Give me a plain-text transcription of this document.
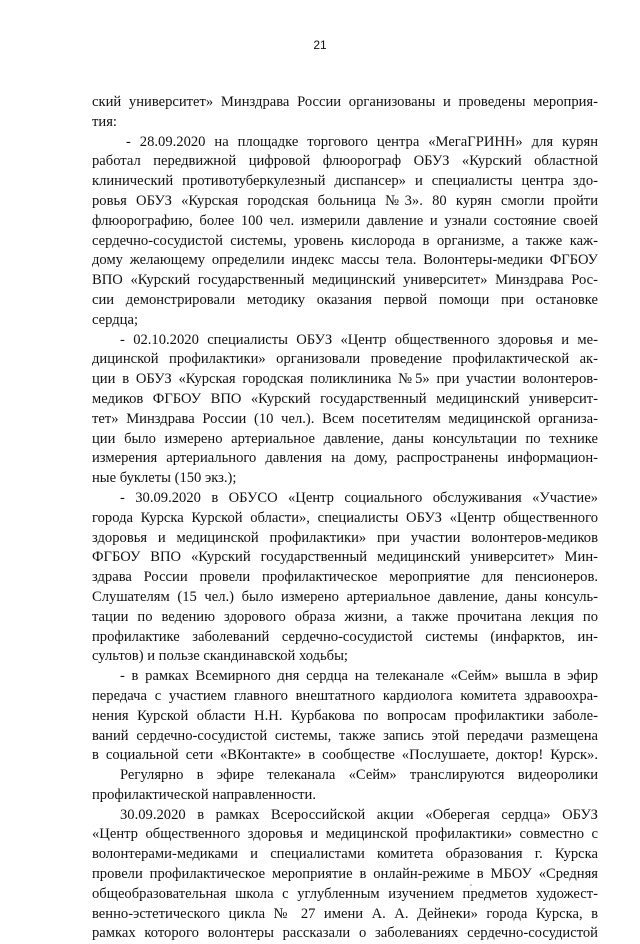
21
ский университет» Минздрава России организованы и проведены мероприя-
тия:
- 28.09.2020 на площадке торгового центра «МегаГРИНН» для курян
работал передвижной цифровой флюорограф ОБУЗ «Курский областной
клинический противотуберкулезный диспансер» и специалисты центра здо-
ровья ОБУЗ «Курская городская больница №3». 80 курян смогли пройти
флюорографию, более 100 чел. измерили давление и узнали состояние своей
сердечно-сосудистой системы, уровень кислорода в организме, а также каж-
дому желающему определили индекс массы тела. Волонтеры-медики ФГБОУ
ВПО «Курский государственный медицинский университет» Минздрава Рос-
сии демонстрировали методику оказания первой помощи при остановке
сердца;
- 02.10.2020 специалисты ОБУЗ «Центр общественного здоровья и ме-
дицинской профилактики» организовали проведение профилактической ак-
ции в ОБУЗ «Курская городская поликлиника №5» при участии волонтеров-
медиков ФГБОУ ВПО «Курский государственный медицинский университ-
тет» Минздрава России (10 чел.). Всем посетителям медицинской организа-
ции было измерено артериальное давление, даны консультации по технике
измерения артериального давления на дому, распространены информацион-
ные буклеты (150 экз.);
- 30.09.2020 в ОБУСО «Центр социального обслуживания «Участие»
города Курска Курской области», специалисты ОБУЗ «Центр общественного
здоровья и медицинской профилактики» при участии волонтеров-медиков
ФГБОУ ВПО «Курский государственный медицинский университет» Мин-
здрава России провели профилактическое мероприятие для пенсионеров.
Слушателям (15 чел.) было измерено артериальное давление, даны консуль-
тации по ведению здорового образа жизни, а также прочитана лекция по
профилактике заболеваний сердечно-сосудистой системы (инфарктов, ин-
сультов) и пользе скандинавской ходьбы;
- в рамках Всемирного дня сердца на телеканале «Сейм» вышла в эфир
передача с участием главного внештатного кардиолога комитета здравоохра-
нения Курской области Н.Н. Курбакова по вопросам профилактики заболе-
ваний сердечно-сосудистой системы, также запись этой передачи размещена
в социальной сети «ВКонтакте» в сообществе «Послушаете, доктор! Курск».
Регулярно в эфире телеканала «Сейм» транслируются видеоролики
профилактической направленности.
30.09.2020 в рамках Всероссийской акции «Оберегая сердца» ОБУЗ
«Центр общественного здоровья и медицинской профилактики» совместно с
волонтерами-медиками и специалистами комитета образования г. Курска
провели профилактическое мероприятие в онлайн-режиме в МБОУ «Средняя
общеобразовательная школа с углубленным изучением предметов художест-
венно-эстетического цикла № 27 имени А. А. Дейнеки» города Курска, в
рамках которого волонтеры рассказали о заболеваниях сердечно-сосудистой
